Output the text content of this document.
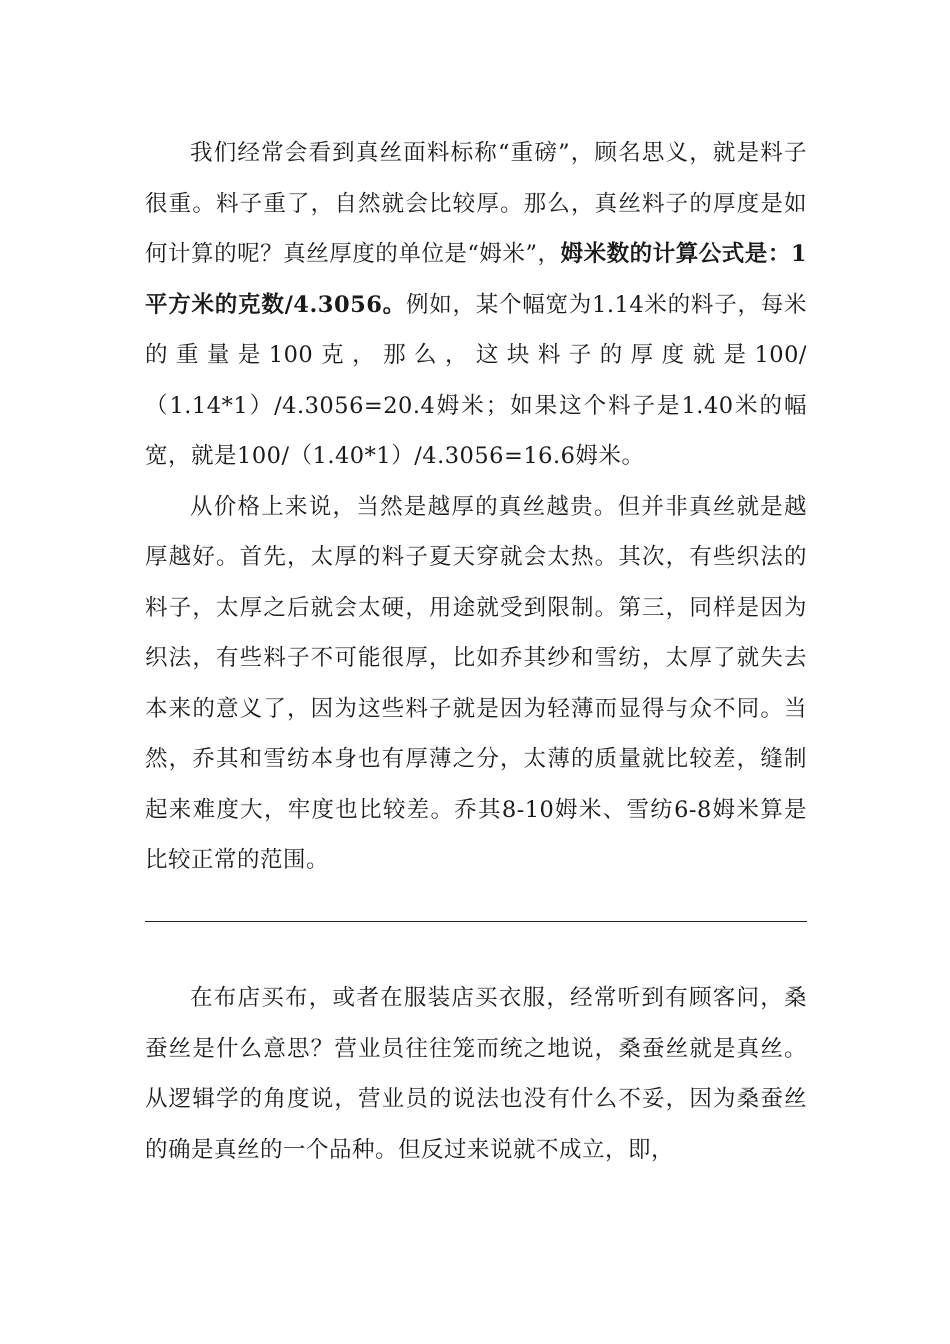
我们经常会看到真丝面料标称“重磅”，顾名思义，就是料子很重。料子重了，自然就会比较厚。那么，真丝料子的厚度是如何计算的呢？真丝厚度的单位是“姆米”，姆米数的计算公式是：1平方米的克数/4.3056。例如，某个幅宽为1.14米的料子，每米的重量是100克，那么，这块料子的厚度就是100/（1.14*1）/4.3056=20.4姆米；如果这个料子是1.40米的幅宽，就是100/（1.40*1）/4.3056=16.6姆米。

从价格上来说，当然是越厚的真丝越贵。但并非真丝就是越厚越好。首先，太厚的料子夏天穿就会太热。其次，有些织法的料子，太厚之后就会太硬，用途就受到限制。第三，同样是因为织法，有些料子不可能很厚，比如乔其纱和雪纺，太厚了就失去本来的意义了，因为这些料子就是因为轻薄而显得与众不同。当然，乔其和雪纺本身也有厚薄之分，太薄的质量就比较差，缝制起来难度大，牢度也比较差。乔其8-10姆米、雪纺6-8姆米算是比较正常的范围。

在布店买布，或者在服装店买衣服，经常听到有顾客问，桑蚕丝是什么意思？营业员往往笼而统之地说，桑蚕丝就是真丝。从逻辑学的角度说，营业员的说法也没有什么不妥，因为桑蚕丝的确是真丝的一个品种。但反过来说就不成立，即，
